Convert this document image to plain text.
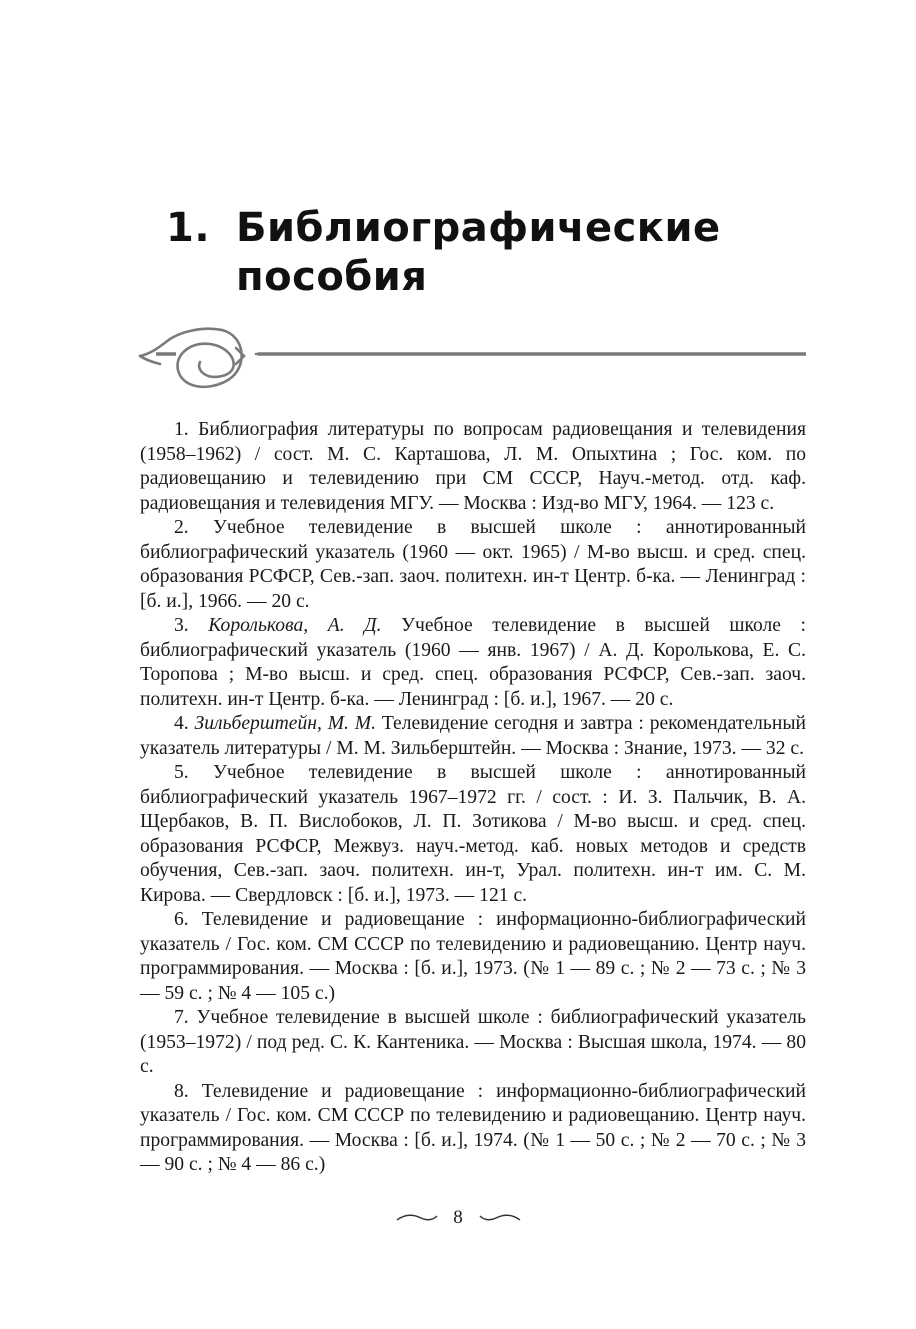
1. Библиографические пособия

1. Библиография литературы по вопросам радиовещания и телевидения (1958–1962) / сост. М. С. Карташова, Л. М. Опыхтина ; Гос. ком. по радиовещанию и телевидению при СМ СССР, Науч.-метод. отд. каф. радиовещания и телевидения МГУ. — Москва : Изд-во МГУ, 1964. — 123 с.

2. Учебное телевидение в высшей школе : аннотированный библиографический указатель (1960 — окт. 1965) / М-во высш. и сред. спец. образования РСФСР, Сев.-зап. заоч. политехн. ин-т Центр. б-ка. — Ленинград : [б. и.], 1966. — 20 с.

3. Королькова, А. Д. Учебное телевидение в высшей школе : библиографический указатель (1960 — янв. 1967) / А. Д. Королькова, Е. С. Торопова ; М-во высш. и сред. спец. образования РСФСР, Сев.-зап. заоч. политехн. ин-т Центр. б-ка. — Ленинград : [б. и.], 1967. — 20 с.

4. Зильберштейн, М. М. Телевидение сегодня и завтра : рекомендательный указатель литературы / М. М. Зильберштейн. — Москва : Знание, 1973. — 32 с.

5. Учебное телевидение в высшей школе : аннотированный библиографический указатель 1967–1972 гг. / сост. : И. З. Пальчик, В. А. Щербаков, В. П. Вислобоков, Л. П. Зотикова / М-во высш. и сред. спец. образования РСФСР, Межвуз. науч.-метод. каб. новых методов и средств обучения, Сев.-зап. заоч. политехн. ин-т, Урал. политехн. ин-т им. С. М. Кирова. — Свердловск : [б. и.], 1973. — 121 с.

6. Телевидение и радиовещание : информационно-библиографический указатель / Гос. ком. СМ СССР по телевидению и радиовещанию. Центр науч. программирования. — Москва : [б. и.], 1973. (№ 1 — 89 с. ; № 2 — 73 с. ; № 3 — 59 с. ; № 4 — 105 с.)

7. Учебное телевидение в высшей школе : библиографический указатель (1953–1972) / под ред. С. К. Кантеника. — Москва : Высшая школа, 1974. — 80 с.

8. Телевидение и радиовещание : информационно-библиографический указатель / Гос. ком. СМ СССР по телевидению и радиовещанию. Центр науч. программирования. — Москва : [б. и.], 1974. (№ 1 — 50 с. ; № 2 — 70 с. ; № 3 — 90 с. ; № 4 — 86 с.)

8
